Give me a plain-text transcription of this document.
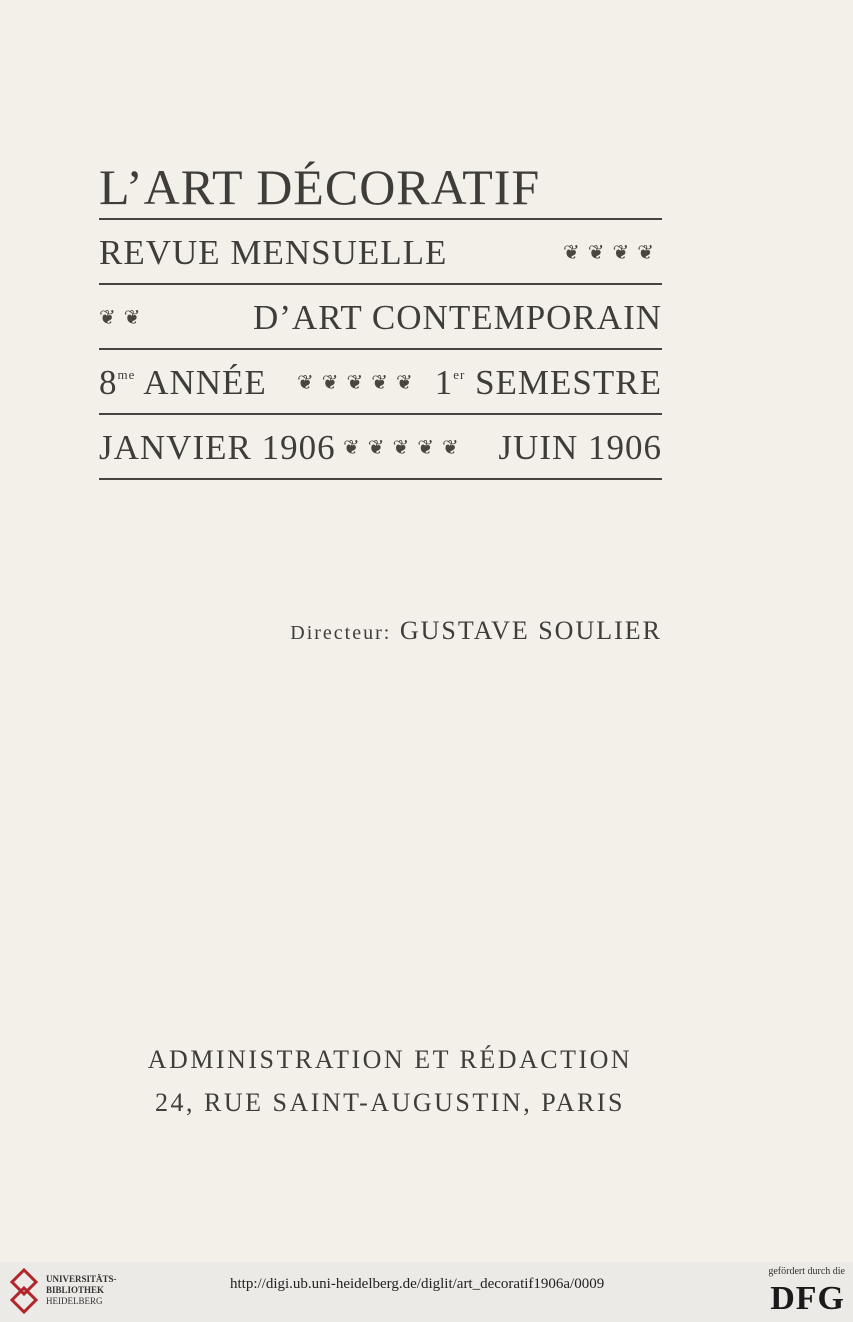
L’ART DÉCORATIF
REVUE MENSUELLE	❦❦❦❦
❦❦	D’ART CONTEMPORAIN
$8^{me}$ ANNÉE ❦❦❦❦❦ 1er SEMESTRE
JANVIER 1906 ❦❦❦❦❦ JUIN 1906
Directeur: GUSTAVE SOULIER
ADMINISTRATION ET RÉDACTION
24, RUE SAINT-AUGUSTIN, PARIS
UNIVERSITÄTS-
BIBLIOTHEK
HEIDELBERG
http://digi.ub.uni-heidelberg.de/diglit/art_decoratif1906a/0009
gefördert durch die
DFG
